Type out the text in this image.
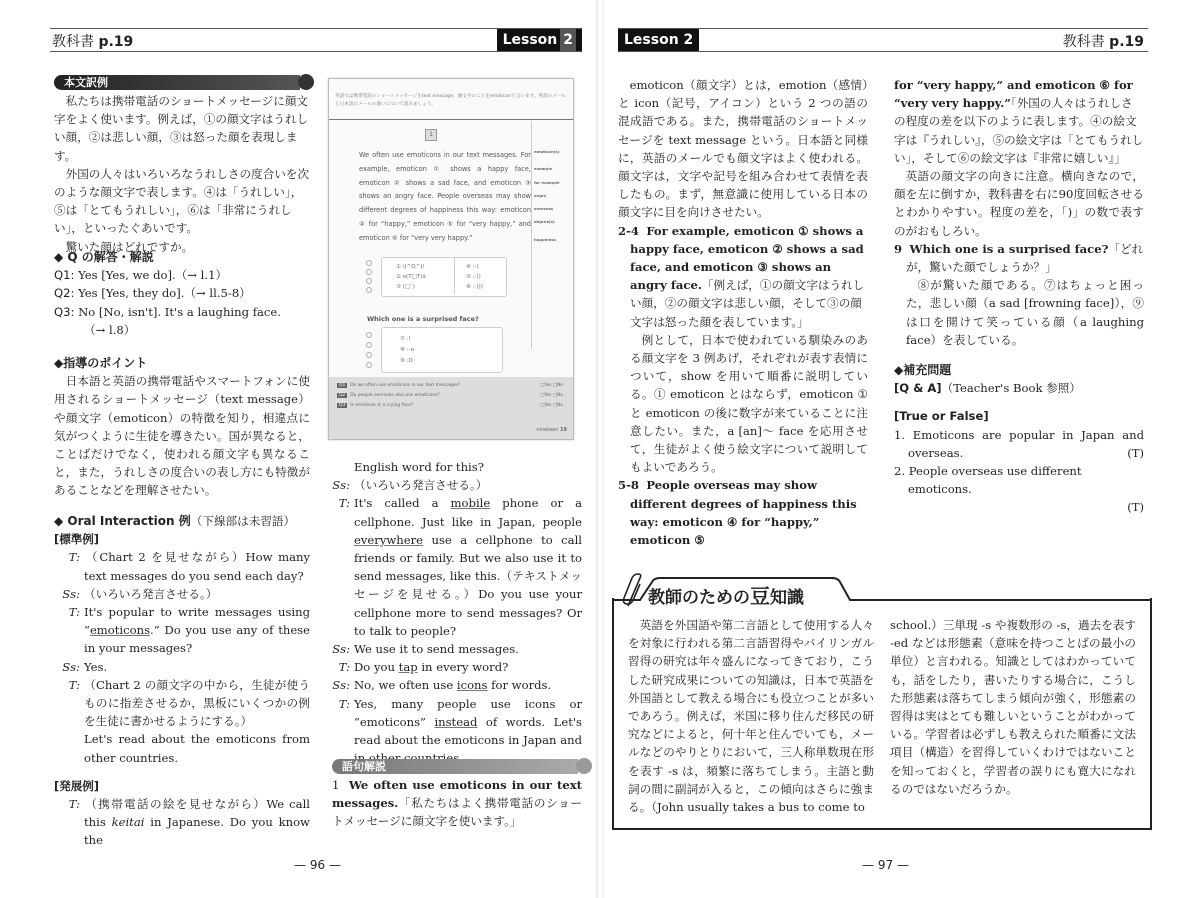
教科書 p.19	Lesson 2
本文訳例

私たちは携帯電話のショートメッセージに顔文字をよく使います。例えば，①の顔文字はうれしい顔，②は悲しい顔，③は怒った顔を表現します。

外国の人々はいろいろなうれしさの度合いを次のような顔文字で表します。④は「うれしい」，⑤は「とてもうれしい」，⑥は「非常にうれしい」，といったぐあいです。

驚いた顔はどれですか。

◆ Q の解答・解説

Q1: Yes [Yes, we do].（→ l.1）

Q2: Yes [Yes, they do].（→ ll.5-8）

Q3: No [No, isn't]. It's a laughing face.

（→ l.8）

◆指導のポイント

日本語と英語の携帯電話やスマートフォンに使用されるショートメッセージ（text message）や顔文字（emoticon）の特徴を知り，相違点に気がつくように生徒を導きたい。国が異なると，ことばだけでなく，使われる顔文字も異なること，また，うれしさの度合いの表し方にも特徴があることなどを理解させたい。

◆ Oral Interaction 例（下線部は未習語）

[標準例]

T: （Chart 2 を見せながら）How many text messages do you send each day?

Ss: （いろいろ発言させる。）

T: It's popular to write messages using “emoticons.” Do you use any of these in your messages?

Ss: Yes.

T: （Chart 2 の顔文字の中から，生徒が使うものに指差させるか，黒板にいくつかの例を生徒に書かせるようにする。）

Let's read about the emoticons from other countries.

[発展例]

T: （携帯電話の絵を見せながら）We call this keitai in Japanese. Do you know the

英語では携帯電話のショートメッセージをtext message，顔文字のことをemoticonと言います。英語のメールと日本語のメールの違いについて読みましょう。
1
We often use emoticons in our text messages. For example, emoticon ① shows a happy face, emoticon ② shows a sad face, and emoticon ③ shows an angry face. People overseas may show different degrees of happiness this way: emoticon ④ for “happy,” emoticon ⑤ for “very happy,” and emoticon ⑥ for “very very happy.”
emoticon(s)
example
for example
angry
overseas
degree(s)
happiness

① \(^O^)/
② o(T□T)o
③ (□`)
④ :-)
⑤ :-))
⑥ :-)))
Which one is a surprised face?

⑦ :(
⑧ :-o
⑨ :D
Q1 Do we often use emoticons in our text messages?	□Yes □No
Q2 Do people overseas also use emoticons?	□Yes □No
Q3 Is emoticon ⑨ a crying face?	□Yes □No
nineteen 19

English word for this?

Ss: （いろいろ発言させる。）

T: It's called a mobile phone or a cellphone. Just like in Japan, people everywhere use a cellphone to call friends or family. But we also use it to send messages, like this.（テキストメッセージを見せる。）Do you use your cellphone more to send messages? Or to talk to people?

Ss: We use it to send messages.

T: Do you tap in every word?

Ss: No, we often use icons for words.

T: Yes, many people use icons or “emoticons” instead of words. Let's read about the emoticons in Japan and

語句解説

1 We often use emoticons in our text messages.「私たちはよく携帯電話のショートメッセージに顔文字を使います。」

— 96 —
Lesson 2	教科書 p.19

emoticon（顔文字）とは，emotion（感情）と icon（記号，アイコン）という 2 つの語の混成語である。また，携帯電話のショートメッセージを text message という。日本語と同様に，英語のメールでも顔文字はよく使われる。顔文字は，文字や記号を組み合わせて表情を表したもの。まず，無意識に使用している日本の顔文字に目を向けさせたい。

2-4 For example, emoticon ① shows a happy face, emoticon ② shows a sad face, and emoticon ③ shows an angry face.「例えば，①の顔文字はうれしい顔，②の顔文字は悲しい顔，そして③の顔文字は怒った顔を表しています。」

例として，日本で使われている馴染みのある顔文字を 3 例あげ，それぞれが表す表情について，show を用いて順番に説明している。① emoticon とはならず，emoticon ①と emoticon の後に数字が来ていることに注意したい。また，a [an]〜 face を応用させて，生徒がよく使う絵文字について説明してもよいであろう。

5-8 People overseas may show different degrees of happiness this way: emoticon ④ for “happy,” emoticon ⑤

for “very happy,” and emoticon ⑥ for “very very happy.”「外国の人々はうれしさの程度の差を以下のように表します。④の絵文字は『うれしい』，⑤の絵文字は「とてもうれしい」，そして⑥の絵文字は『非常に嬉しい』」

英語の顔文字の向きに注意。横向きなので，顔を左に倒すか，教科書を右に90度回転させるとわかりやすい。程度の差を，「)」の数で表すのがおもしろい。

9 Which one is a surprised face?「どれが，驚いた顔でしょうか？」

⑧が驚いた顔である。⑦はちょっと困った，悲しい顔（a sad [frowning face]），⑨は口を開けて笑っている顔（a laughing face）を表している。

◆補充問題

[Q & A]（Teacher's Book 参照）

[True or False]

1. Emoticons are popular in Japan and overseas.	(T)

2. People overseas use different emoticons.

(T)

教師のための豆知識

英語を外国語や第二言語として使用する人々を対象に行われる第二言語習得やバイリンガル習得の研究は年々盛んになってきており，こうした研究成果についての知識は，日本で英語を外国語として教える場合にも役立つことが多いであろう。例えば，米国に移り住んだ移民の研究などによると，何十年と住んでいても，メールなどのやりとりにおいて，三人称単数現在形を表す -s は，頻繁に落ちてしまう。主語と動詞の間に副詞が入ると，この傾向はさらに強まる。（John usually takes a bus to come to

school.）三単現 -s や複数形の -s，過去を表す -ed などは形態素（意味を持つことばの最小の単位）と言われる。知識としてはわかっていても，話をしたり，書いたりする場合に，こうした形態素は落ちてしまう傾向が強く，形態素の習得は実はとても難しいということがわかっている。学習者は必ずしも教えられた順番に文法項目（構造）を習得していくわけではないことを知っておくと，学習者の誤りにも寛大になれるのではないだろうか。

— 97 —
